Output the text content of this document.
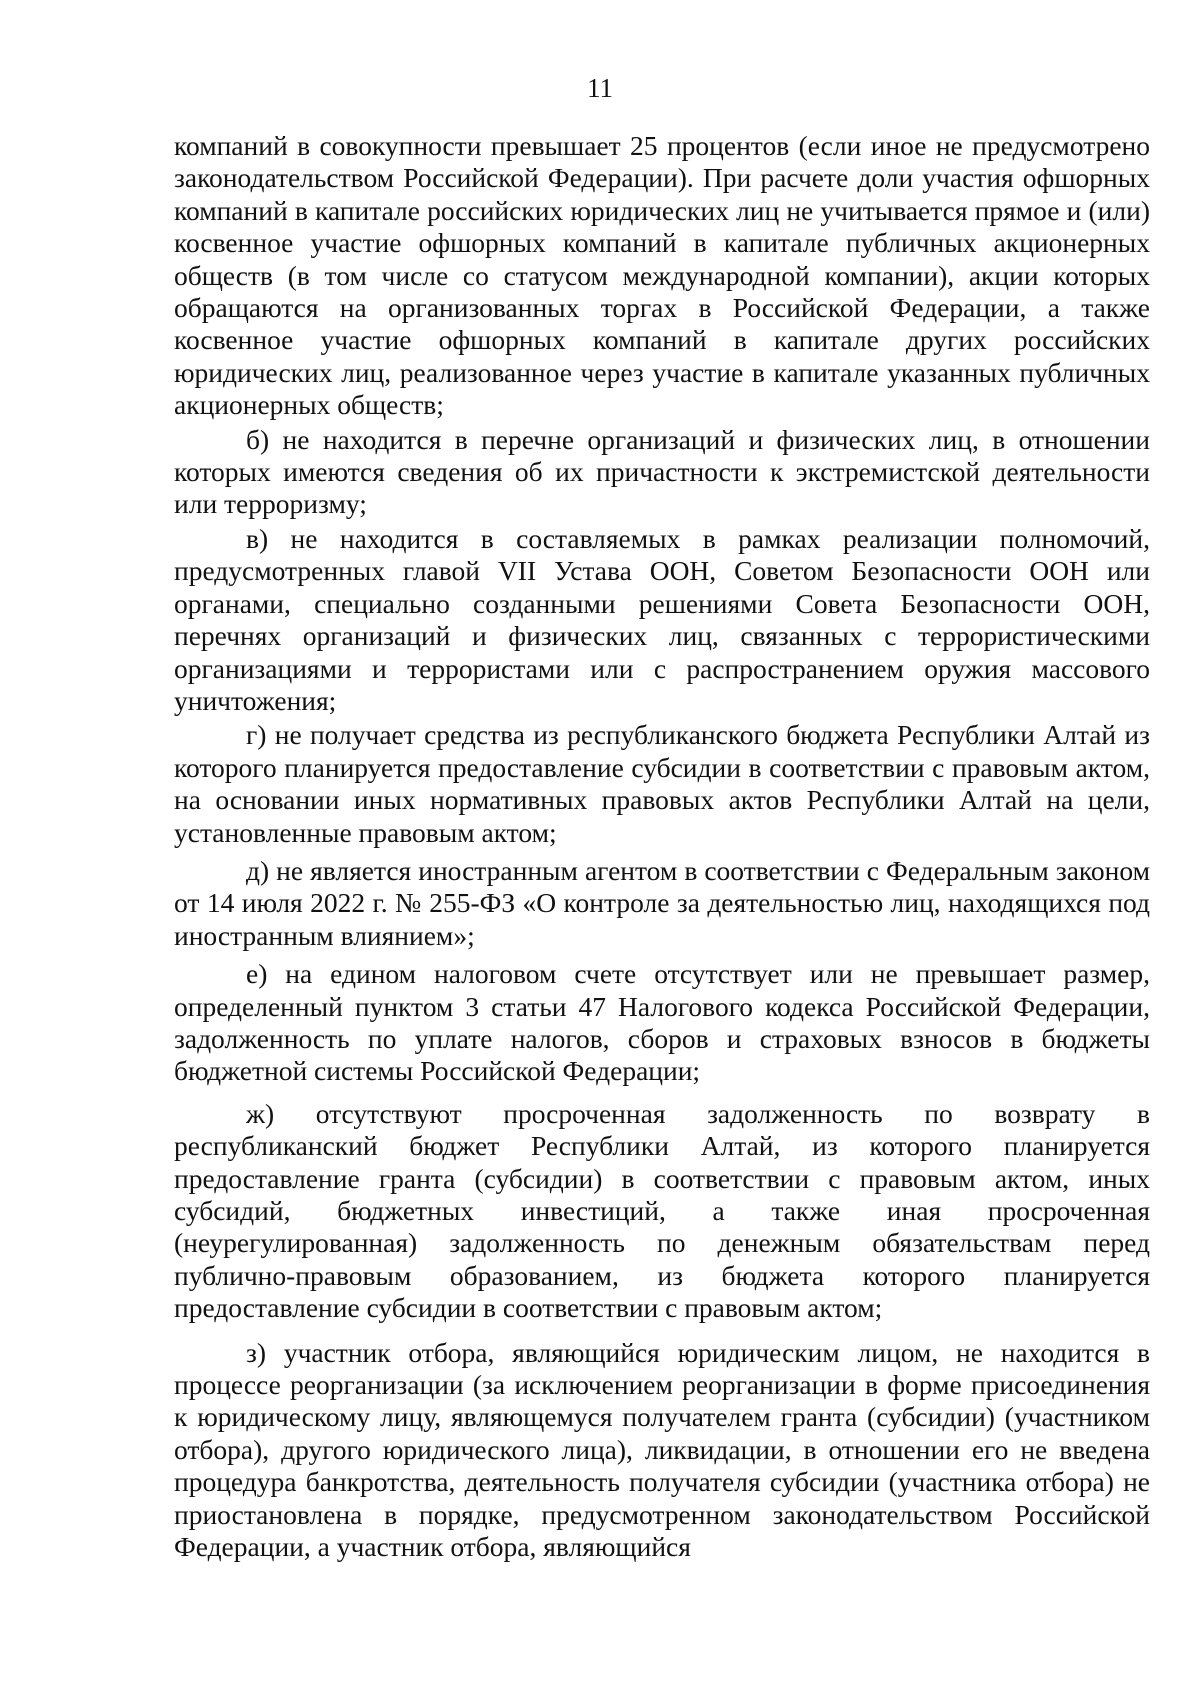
11

компаний в совокупности превышает 25 процентов (если иное не предусмотрено законодательством Российской Федерации). При расчете доли участия офшорных компаний в капитале российских юридических лиц не учитывается прямое и (или) косвенное участие офшорных компаний в капитале публичных акционерных обществ (в том числе со статусом международной компании), акции которых обращаются на организованных торгах в Российской Федерации, а также косвенное участие офшорных компаний в капитале других российских юридических лиц, реализованное через участие в капитале указанных публичных акционерных обществ;

б) не находится в перечне организаций и физических лиц, в отношении которых имеются сведения об их причастности к экстремистской деятельности или терроризму;

в) не находится в составляемых в рамках реализации полномочий, предусмотренных главой VII Устава ООН, Советом Безопасности ООН или органами, специально созданными решениями Совета Безопасности ООН, перечнях организаций и физических лиц, связанных с террористическими организациями и террористами или с распространением оружия массового уничтожения;

г) не получает средства из республиканского бюджета Республики Алтай из которого планируется предоставление субсидии в соответствии с правовым актом, на основании иных нормативных правовых актов Республики Алтай на цели, установленные правовым актом;

д) не является иностранным агентом в соответствии с Федеральным законом от 14 июля 2022 г. № 255-ФЗ «О контроле за деятельностью лиц, находящихся под иностранным влиянием»;

е) на едином налоговом счете отсутствует или не превышает размер, определенный пунктом 3 статьи 47 Налогового кодекса Российской Федерации, задолженность по уплате налогов, сборов и страховых взносов в бюджеты бюджетной системы Российской Федерации;

ж) отсутствуют просроченная задолженность по возврату в республиканский бюджет Республики Алтай, из которого планируется предоставление гранта (субсидии) в соответствии с правовым актом, иных субсидий, бюджетных инвестиций, а также иная просроченная (неурегулированная) задолженность по денежным обязательствам перед публично-правовым образованием, из бюджета которого планируется предоставление субсидии в соответствии с правовым актом;

з) участник отбора, являющийся юридическим лицом, не находится в процессе реорганизации (за исключением реорганизации в форме присоединения к юридическому лицу, являющемуся получателем гранта (субсидии) (участником отбора), другого юридического лица), ликвидации, в отношении его не введена процедура банкротства, деятельность получателя субсидии (участника отбора) не приостановлена в порядке, предусмотренном законодательством Российской Федерации, а участник отбора, являющийся
